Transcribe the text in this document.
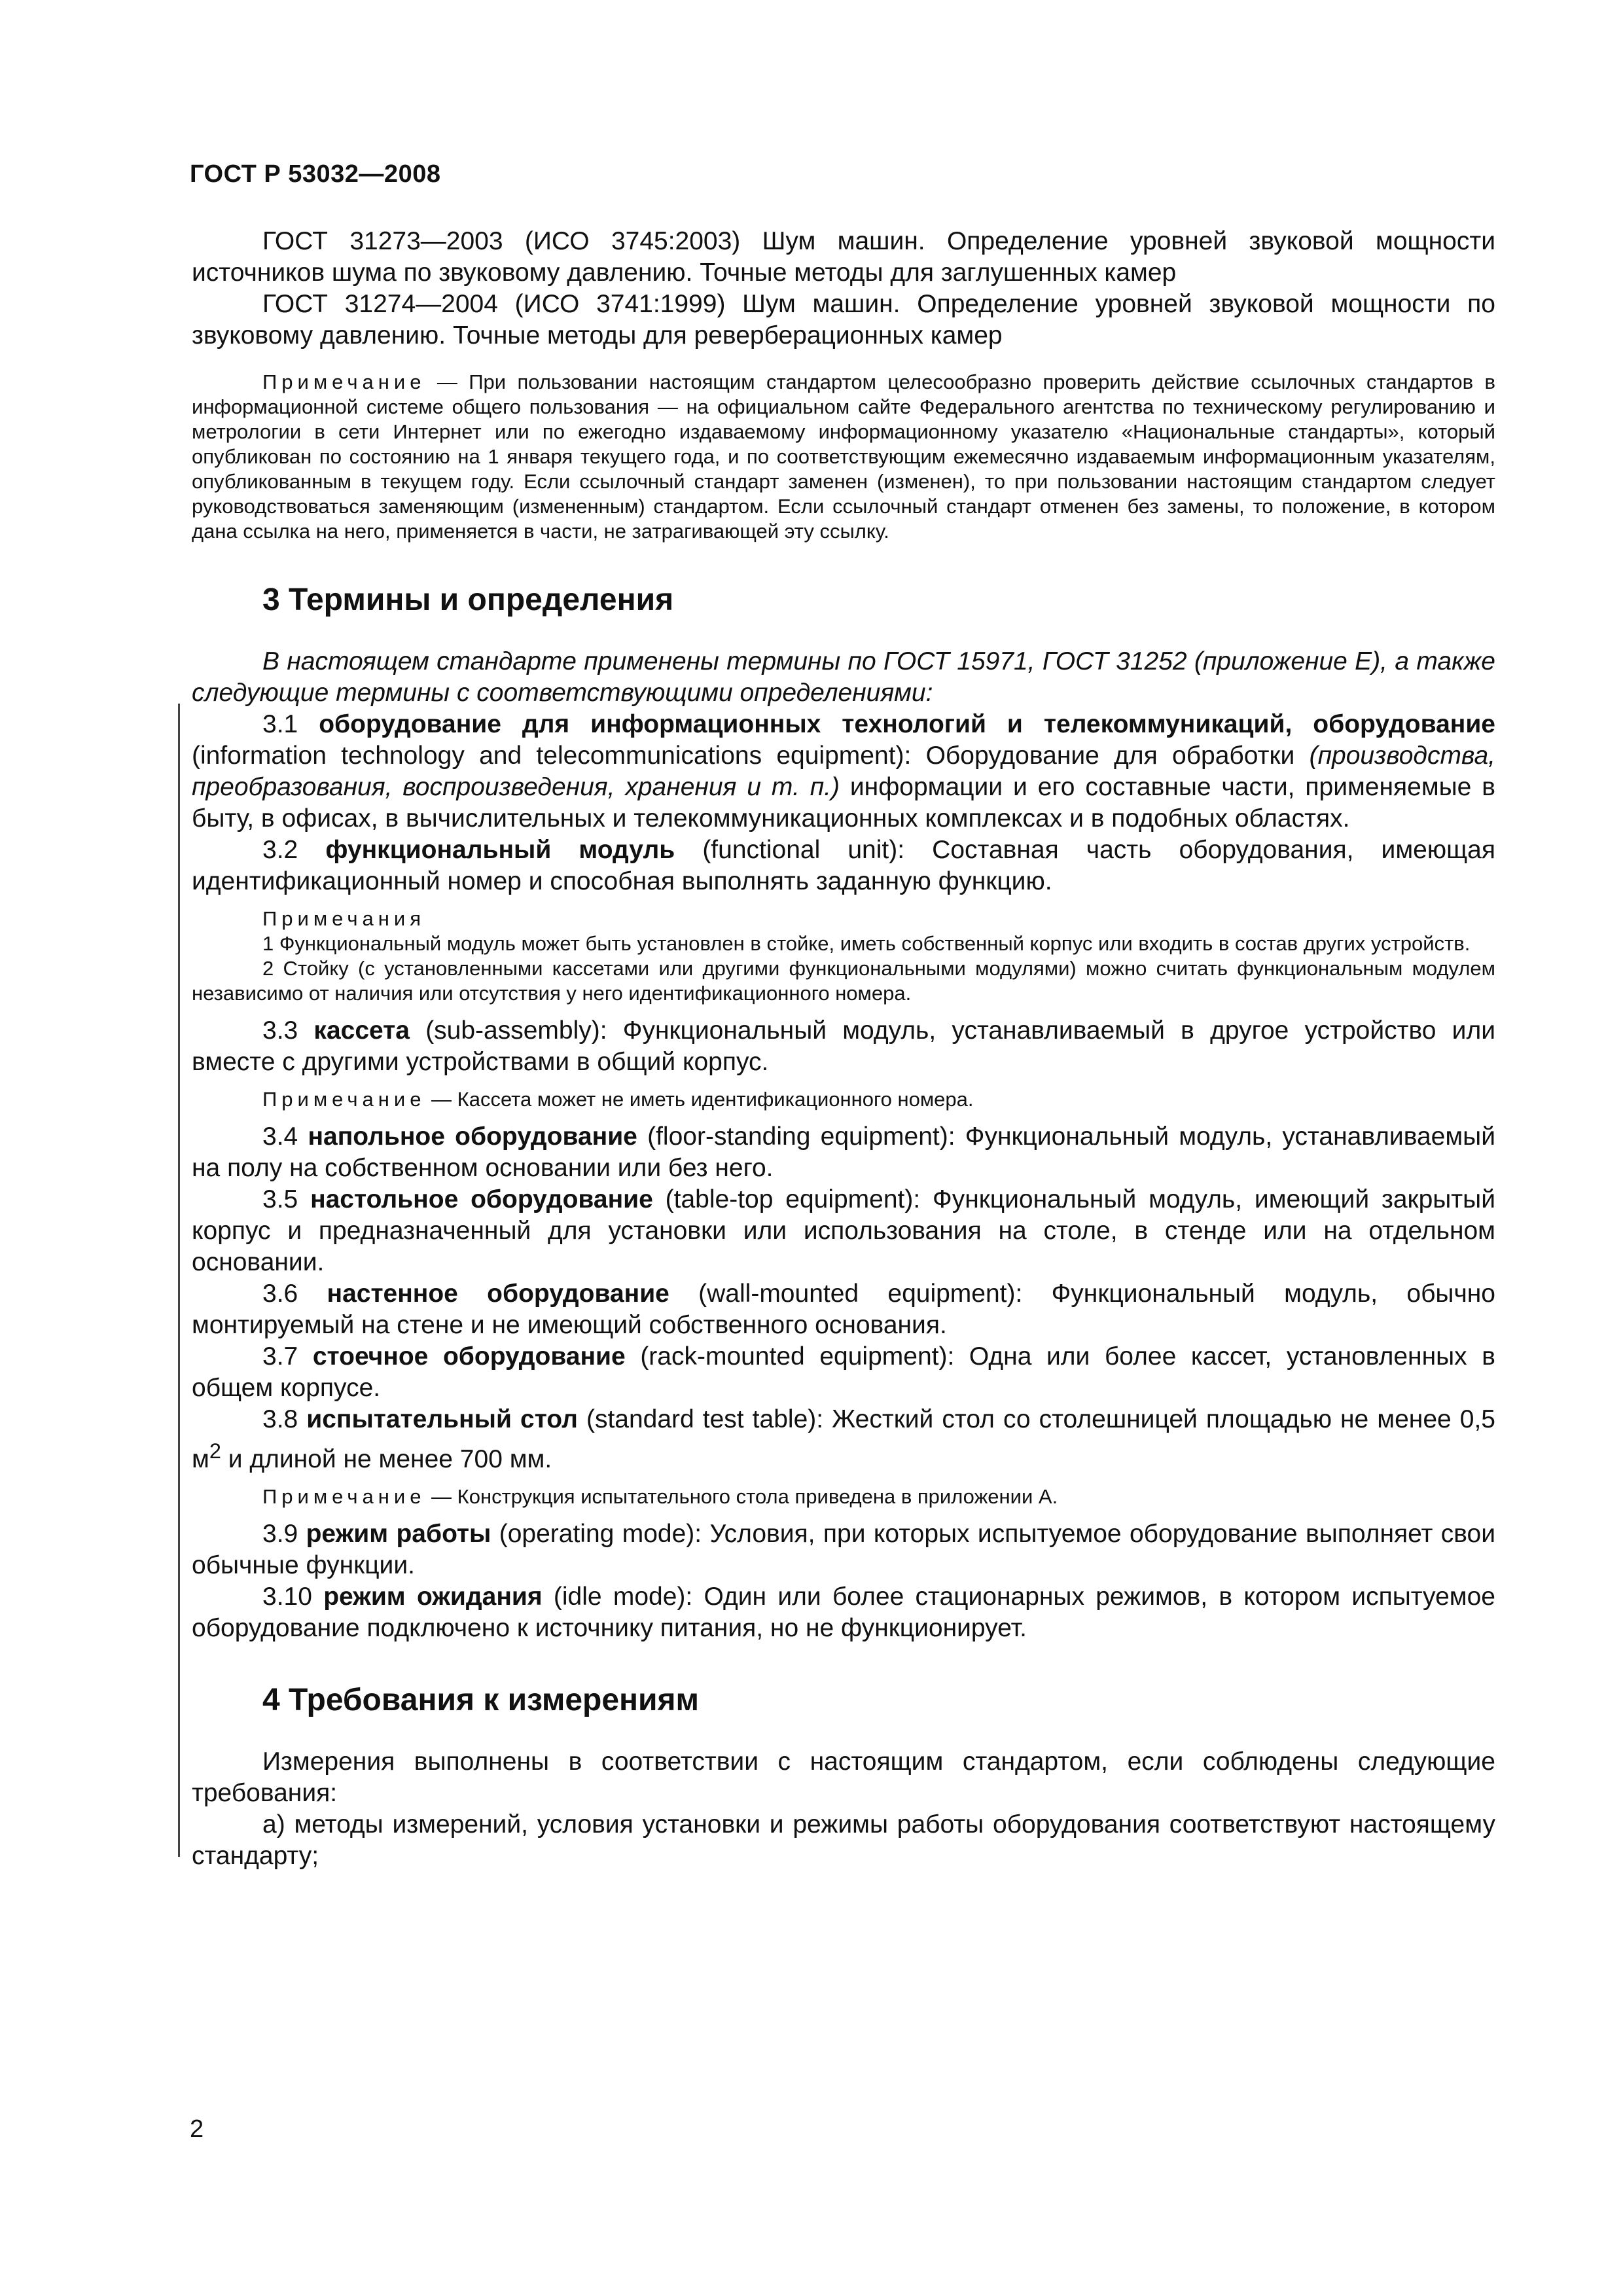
ГОСТ Р 53032—2008

ГОСТ 31273—2003 (ИСО 3745:2003) Шум машин. Определение уровней звуковой мощности источников шума по звуковому давлению. Точные методы для заглушенных камер

ГОСТ 31274—2004 (ИСО 3741:1999) Шум машин. Определение уровней звуковой мощности по звуковому давлению. Точные методы для реверберационных камер

Примечание — При пользовании настоящим стандартом целесообразно проверить действие ссылочных стандартов в информационной системе общего пользования — на официальном сайте Федерального агентства по техническому регулированию и метрологии в сети Интернет или по ежегодно издаваемому информационному указателю «Национальные стандарты», который опубликован по состоянию на 1 января текущего года, и по соответствующим ежемесячно издаваемым информационным указателям, опубликованным в текущем году. Если ссылочный стандарт заменен (изменен), то при пользовании настоящим стандартом следует руководствоваться заменяющим (измененным) стандартом. Если ссылочный стандарт отменен без замены, то положение, в котором дана ссылка на него, применяется в части, не затрагивающей эту ссылку.

3 Термины и определения

В настоящем стандарте применены термины по ГОСТ 15971, ГОСТ 31252 (приложение Е), а также следующие термины с соответствующими определениями:

3.1 оборудование для информационных технологий и телекоммуникаций, оборудование (information technology and telecommunications equipment): Оборудование для обработки (производства, преобразования, воспроизведения, хранения и т. п.) информации и его составные части, применяемые в быту, в офисах, в вычислительных и телекоммуникационных комплексах и в подобных областях.

3.2 функциональный модуль (functional unit): Составная часть оборудования, имеющая идентификационный номер и способная выполнять заданную функцию.

Примечания

1 Функциональный модуль может быть установлен в стойке, иметь собственный корпус или входить в состав других устройств.

2 Стойку (с установленными кассетами или другими функциональными модулями) можно считать функциональным модулем независимо от наличия или отсутствия у него идентификационного номера.

3.3 кассета (sub-assembly): Функциональный модуль, устанавливаемый в другое устройство или вместе с другими устройствами в общий корпус.

Примечание — Кассета может не иметь идентификационного номера.

3.4 напольное оборудование (floor-standing equipment): Функциональный модуль, устанавливаемый на полу на собственном основании или без него.

3.5 настольное оборудование (table-top equipment): Функциональный модуль, имеющий закрытый корпус и предназначенный для установки или использования на столе, в стенде или на отдельном основании.

3.6 настенное оборудование (wall-mounted equipment): Функциональный модуль, обычно монтируемый на стене и не имеющий собственного основания.

3.7 стоечное оборудование (rack-mounted equipment): Одна или более кассет, установленных в общем корпусе.

3.8 испытательный стол (standard test table): Жесткий стол со столешницей площадью не менее 0,5 $м^2$ и длиной не менее 700 мм.

Примечание — Конструкция испытательного стола приведена в приложении А.

3.9 режим работы (operating mode): Условия, при которых испытуемое оборудование выполняет свои обычные функции.

3.10 режим ожидания (idle mode): Один или более стационарных режимов, в котором испытуемое оборудование подключено к источнику питания, но не функционирует.

4 Требования к измерениям

Измерения выполнены в соответствии с настоящим стандартом, если соблюдены следующие требования:

а) методы измерений, условия установки и режимы работы оборудования соответствуют настоящему стандарту;

2
